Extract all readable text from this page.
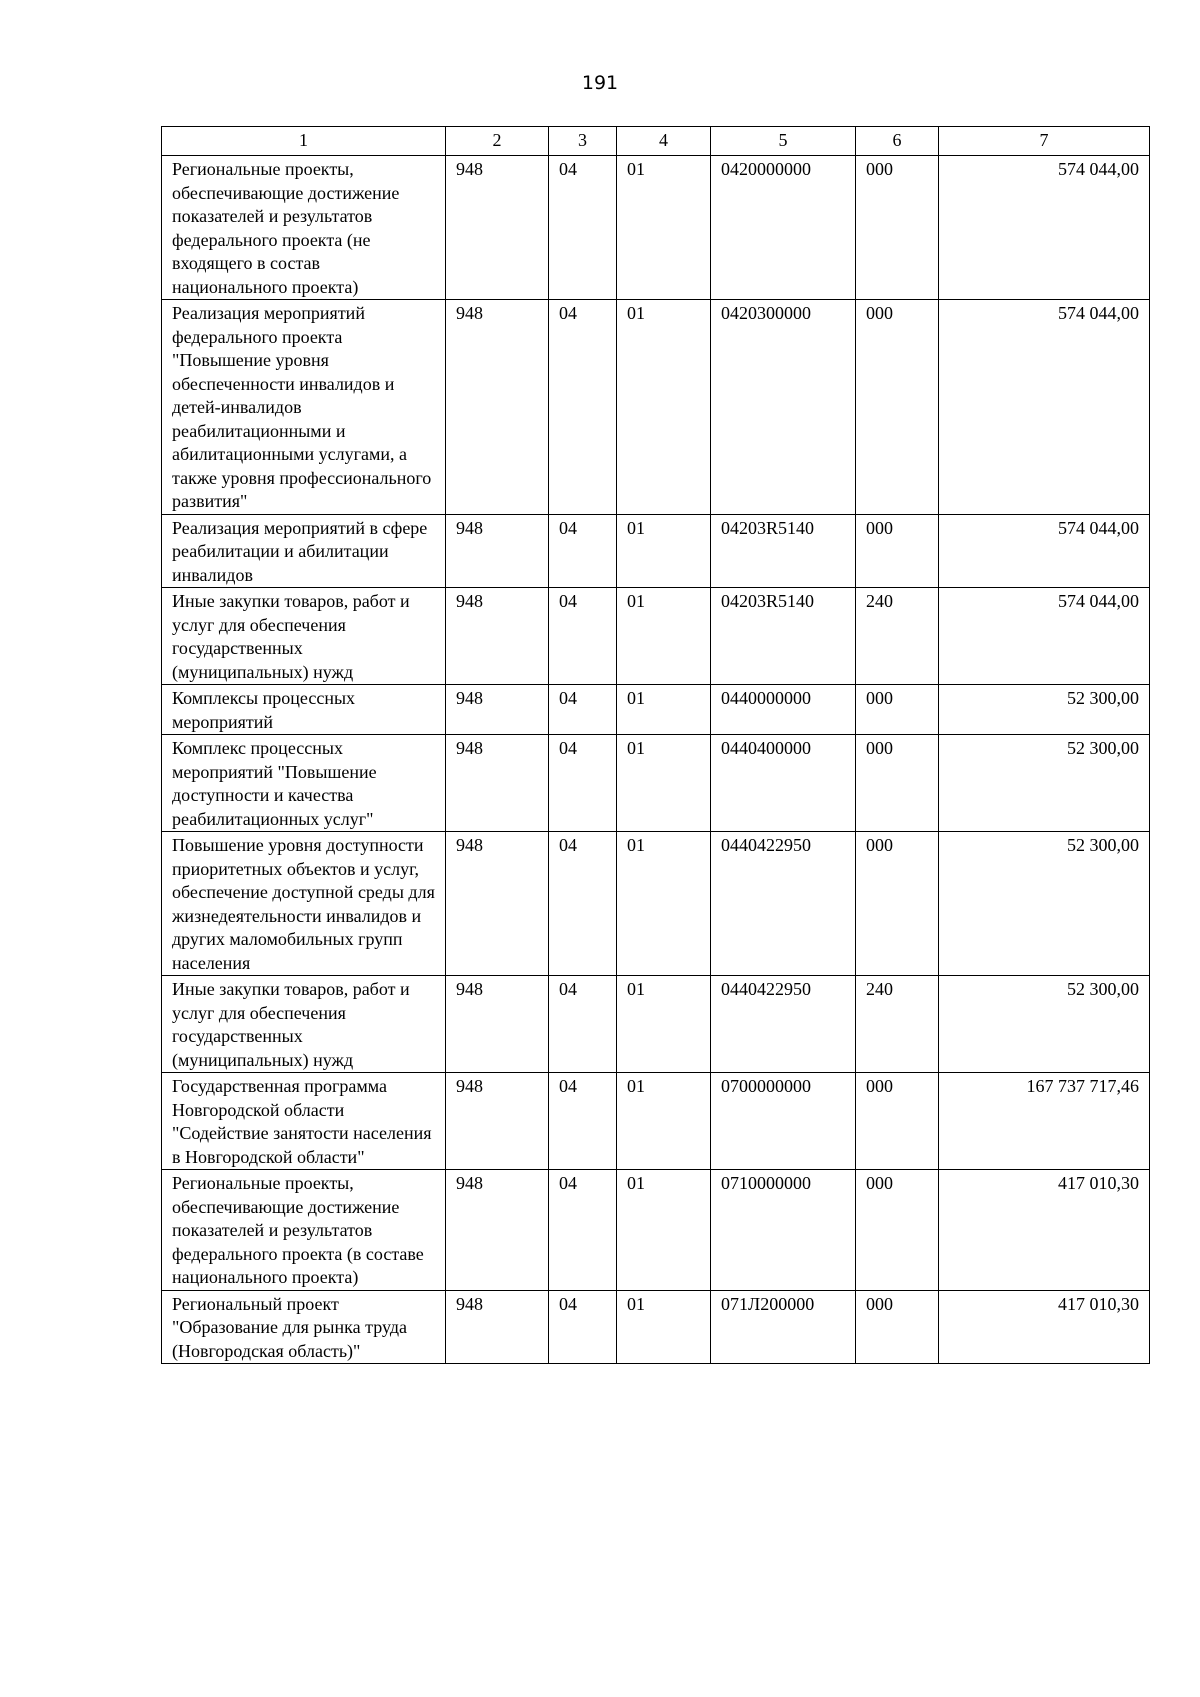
191
1	2	3	4	5	6	7
Региональные проекты, обеспечивающие достижение показателей и результатов федерального проекта (не входящего в состав национального проекта)	948	04	01	0420000000	000	574 044,00
Реализация мероприятий федерального проекта "Повышение уровня обеспеченности инвалидов и детей-инвалидов реабилитационными и абилитационными услугами, а также уровня профессионального развития"	948	04	01	0420300000	000	574 044,00
Реализация мероприятий в сфере реабилитации и абилитации инвалидов	948	04	01	04203R5140	000	574 044,00
Иные закупки товаров, работ и услуг для обеспечения государственных (муниципальных) нужд	948	04	01	04203R5140	240	574 044,00
Комплексы процессных мероприятий	948	04	01	0440000000	000	52 300,00
Комплекс процессных мероприятий "Повышение доступности и качества реабилитационных услуг"	948	04	01	0440400000	000	52 300,00
Повышение уровня доступности приоритетных объектов и услуг, обеспечение доступной среды для жизнедеятельности инвалидов и других маломобильных групп населения	948	04	01	0440422950	000	52 300,00
Иные закупки товаров, работ и услуг для обеспечения государственных (муниципальных) нужд	948	04	01	0440422950	240	52 300,00
Государственная программа Новгородской области "Содействие занятости населения в Новгородской области"	948	04	01	0700000000	000	167 737 717,46
Региональные проекты, обеспечивающие достижение показателей и результатов федерального проекта (в составе национального проекта)	948	04	01	0710000000	000	417 010,30
Региональный проект "Образование для рынка труда (Новгородская область)"	948	04	01	071Л200000	000	417 010,30
